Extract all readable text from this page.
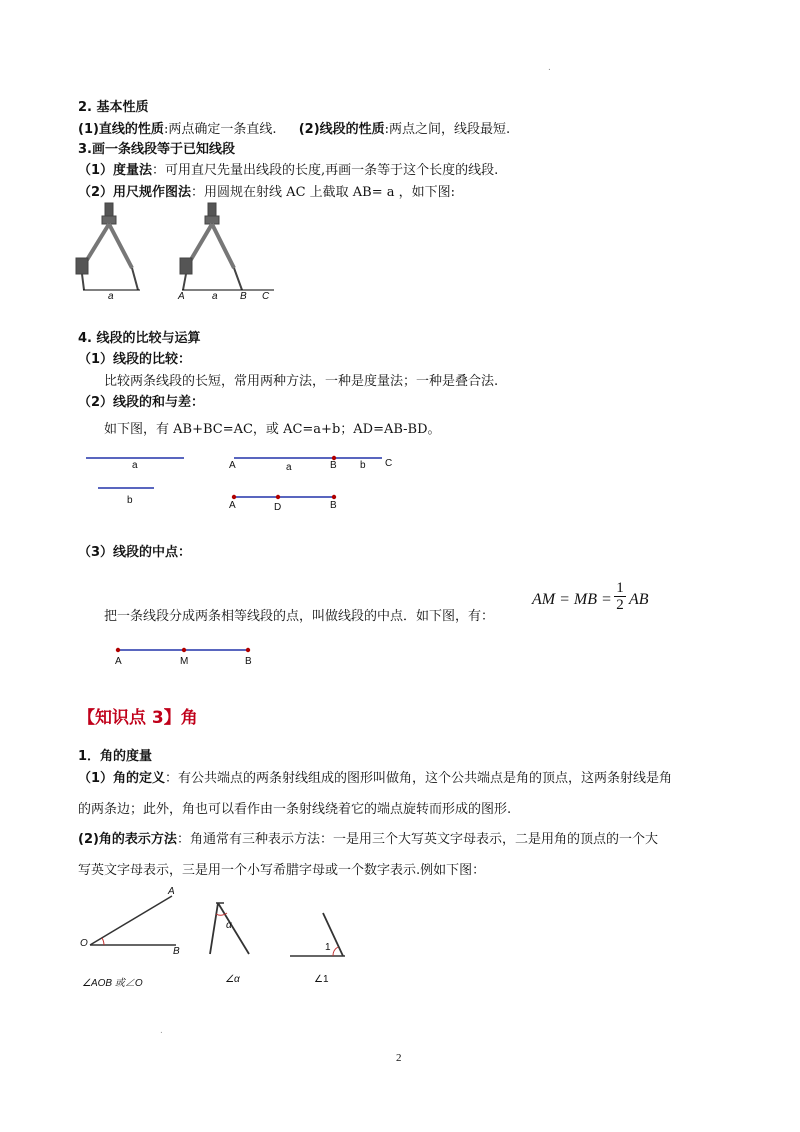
.
2. 基本性质
(1)直线的性质:两点确定一条直线. (2)线段的性质:两点之间，线段最短.
3.画一条线段等于已知线段
（1）度量法：可用直尺先量出线段的长度,再画一条等于这个长度的线段.
（2）用尺规作图法：用圆规在射线 AC 上截取 AB= a ，如下图:
a	A	a B C
4. 线段的比较与运算
（1）线段的比较：
比较两条线段的长短，常用两种方法，一种是度量法；一种是叠合法.
（2）线段的和与差：
如下图，有 AB+BC=AC，或 AC=a+b；AD=AB-BD。
a
b
A	a	B b C
A	D	B
（3）线段的中点：
把一条线段分成两条相等线段的点，叫做线段的中点．如下图，有：
AM = MB = $\frac{1}{2}$ AB
A	M	B
【知识点 3】角
1．角的度量
（1）角的定义：有公共端点的两条射线组成的图形叫做角，这个公共端点是角的顶点，这两条射线是角
的两条边；此外，角也可以看作由一条射线绕着它的端点旋转而形成的图形.
(2)角的表示方法：角通常有三种表示方法：一是用三个大写英文字母表示，二是用角的顶点的一个大
写英文字母表示，三是用一个小写希腊字母或一个数字表示.例如下图：
A
O
B
α
1
∠AOB 或∠O	∠α	∠1
.
2
